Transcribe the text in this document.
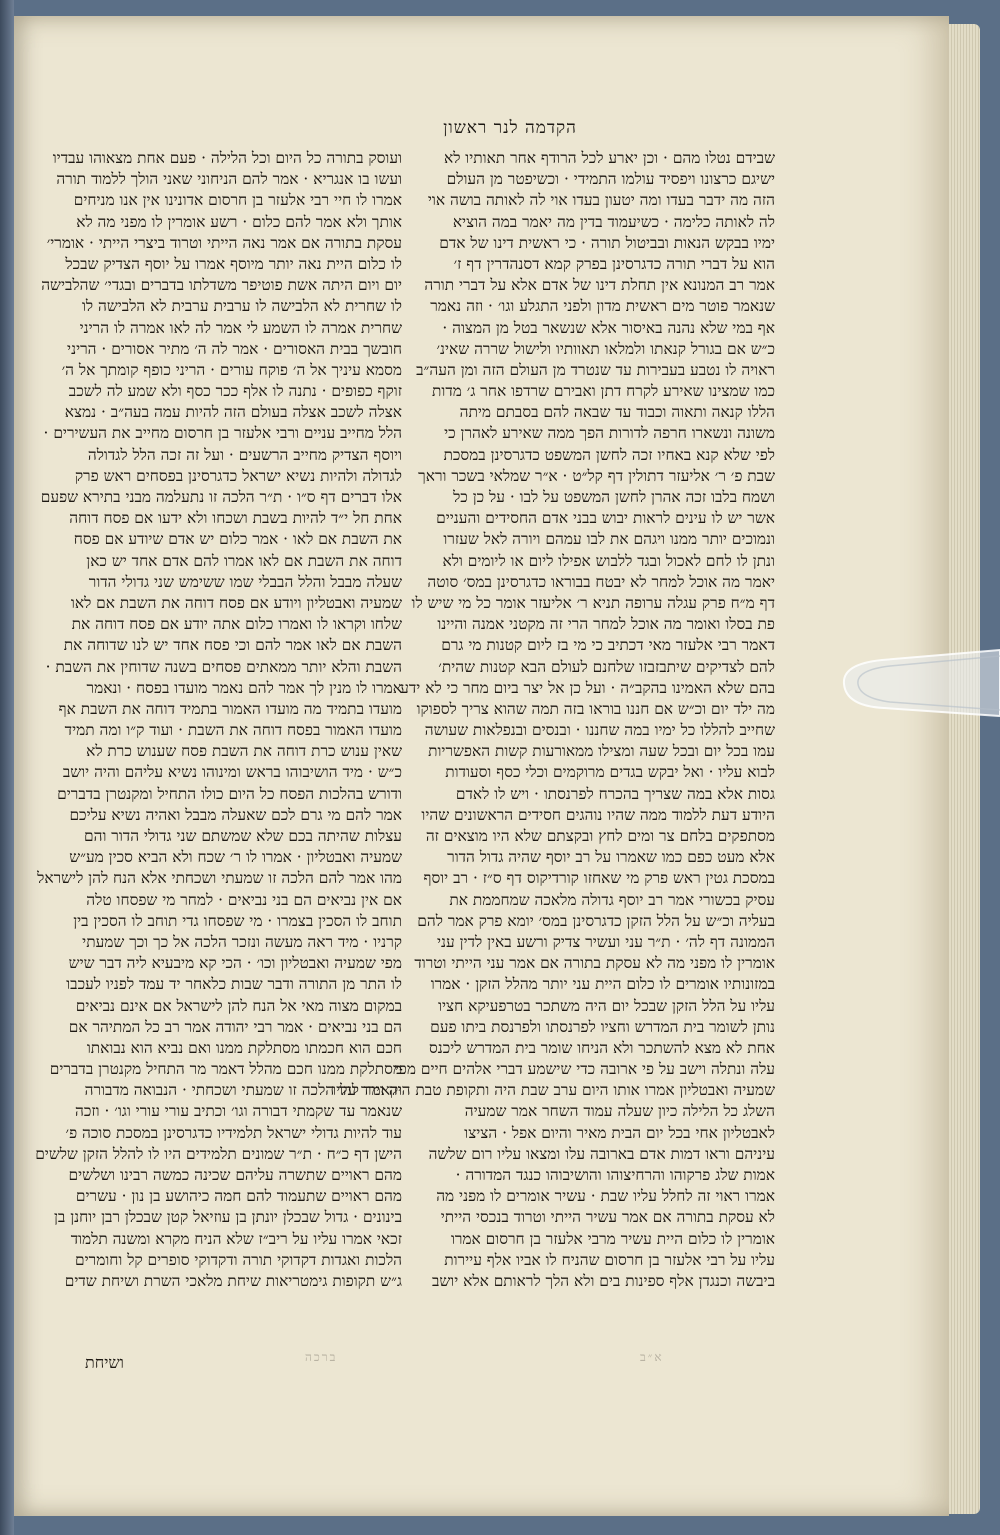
הקדמה לנר ראשון
שבידם נטלו מהם · וכן יארע לכל הרודף אחר תאותיו לא
ישיגם כרצונו ויפסיד עולמו התמידי · וכשיפטר מן העולם
הזה מה ידבר בעדו ומה יטעון בעדו אוי לה לאותה בושה אוי
לה לאותה כלימה · כשיעמוד בדין מה יאמר במה הוציא
ימיו בבקש הנאות ובביטול תורה · כי ראשית דינו של אדם
הוא על דברי תורה כדגרסינן בפרק קמא דסנהדרין דף ז׳
אמר רב המנונא אין תחלת דינו של אדם אלא על דברי תורה
שנאמר פוטר מים ראשית מדון ולפני התגלע וגו׳ · וזה נאמר
אף במי שלא נהנה באיסור אלא שנשאר בטל מן המצוה ·
כ״ש אם בגורל קנאתו ולמלאו תאוותיו ולישול שררה שאינ׳
ראויה לו נטבע בעבירות עד שנטרד מן העולם הזה ומן העה״ב
כמו שמצינו שאירע לקרח דתן ואבירם שרדפו אחר ג׳ מדות
הללו קנאה ותאוה וכבוד עד שבאה להם בסבתם מיתה
משונה ונשארו חרפה לדורות הפך ממה שאירע לאהרן כי
לפי שלא קנא באחיו זכה לחשן המשפט כדגרסינן במסכת
שבת פ׳ ר׳ אליעזר דתולין דף קל״ט · א״ר שמלאי בשכר וראך
ושמח בלבו זכה אהרן לחשן המשפט על לבו · על כן כל
אשר יש לו עינים לראות יבוש בבני אדם החסידים והעניים
ונמוכים יותר ממנו ויגהם את לבו עמהם ויורה לאל שעזרו
ונתן לו לחם לאכול ובגד ללבוש אפילו ליום או ליומים ולא
יאמר מה אוכל למחר לא יבטח בבוראו כדגרסינן במס׳ סוטה
דף מ״ח פרק עגלה ערופה תניא ר׳ אליעזר אומר כל מי שיש לו
פת בסלו ואומר מה אוכל למחר הרי זה מקטני אמנה והיינו
דאמר רבי אלעזר מאי דכתיב כי מי בז ליום קטנות מי גרם
להם לצדיקים שיתבזבזו שלחנם לעולם הבא קטנות שהית׳
בהם שלא האמינו בהקב״ה · ועל כן אל יצר ביום מחר כי לא ידע
מה ילד יום וכ״ש אם חננו בוראו בזה תמה שהוא צריך לספוקו
שחייב להללו כל ימיו במה שחננו · ובנסים ובנפלאות שעושה
עמו בכל יום ובכל שעה ומצילו ממאורעות קשות האפשריות
לבוא עליו · ואל יבקש בגדים מרוקמים וכלי כסף וסעודות
גסות אלא במה שצריך בהכרח לפרנסתו · ויש לו לאדם
היודע דעת ללמוד ממה שהיו נוהגים חסידים הראשונים שהיו
מסתפקים בלחם צר ומים לחץ ובקצתם שלא היו מוצאים זה
אלא מעט כפם כמו שאמרו על רב יוסף שהיה גדול הדור
במסכת גטין ראש פרק מי שאחזו קורדיקוס דף ס״ז · רב יוסף
עסיק בכשורי אמר רב יוסף גדולה מלאכה שמחממת את
בעליה וכ״ש על הלל הזקן כדגרסינן במס׳ יומא פרק אמר להם
הממונה דף לה׳ · ת״ר עני ועשיר צדיק ורשע באין לדין עני
אומרין לו מפני מה לא עסקת בתורה אם אמר עני הייתי וטרוד
במזונותיו אומרים לו כלום היית עני יותר מהלל הזקן · אמרו
עליו על הלל הזקן שבכל יום היה משתכר בטרפעיקא חציו
נותן לשומר בית המדרש וחציו לפרנסתו ולפרנסת ביתו פעם
אחת לא מצא להשתכר ולא הניחו שומר בית המדרש ליכנס
עלה ונתלה וישב על פי ארובה כדי שישמע דברי אלהים חיים מפי
שמעיה ואבטליון אמרו אותו היום ערב שבת היה ותקופת טבת היה וירד עליו
השלג כל הלילה כיון שעלה עמוד השחר אמר שמעיה
לאבטליון אחי בכל יום הבית מאיר והיום אפל · הציצו
עיניהם וראו דמות אדם בארובה עלו ומצאו עליו רום שלשה
אמות שלג פרקוהו והרחיצוהו והושיבוהו כנגד המדורה ·
אמרו ראוי זה לחלל עליו שבת · עשיר אומרים לו מפני מה
לא עסקת בתורה אם אמר עשיר הייתי וטרוד בנכסי הייתי
אומרין לו כלום היית עשיר מרבי אלעזר בן חרסום אמרו
עליו על רבי אלעזר בן חרסום שהניח לו אביו אלף עיירות
ביבשה וכנגדן אלף ספינות בים ולא הלך לראותם אלא יושב
ועוסק בתורה כל היום וכל הלילה · פעם אחת מצאוהו עבדיו
ועשו בו אנגריא · אמר להם הניחוני שאני הולך ללמוד תורה
אמרו לו חיי רבי אלעזר בן חרסום אדונינו אין אנו מניחים
אותך ולא אמר להם כלום · רשע אומרין לו מפני מה לא
עסקת בתורה אם אמר נאה הייתי וטרוד ביצרי הייתי · אומרי׳
לו כלום היית נאה יותר מיוסף אמרו על יוסף הצדיק שבכל
יום ויום היתה אשת פוטיפר משדלתו בדברים ובגדי׳ שהלבישה
לו שחרית לא הלבישה לו ערבית ערבית לא הלבישה לו
שחרית אמרה לו השמע לי אמר לה לאו אמרה לו הריני
חובשך בבית האסורים · אמר לה ה׳ מתיר אסורים · הריני
מסמא עיניך אל ה׳ פוקח עורים · הריני כופף קומתך אל ה׳
זוקף כפופים · נתנה לו אלף ככר כסף ולא שמע לה לשכב
אצלה לשכב אצלה בעולם הזה להיות עמה בעה״ב · נמצא
הלל מחייב עניים ורבי אלעזר בן חרסום מחייב את העשירים ·
ויוסף הצדיק מחייב הרשעים · ועל זה זכה הלל לגדולה
לגדולה ולהיות נשיא ישראל כדגרסינן בפסחים ראש פרק
אלו דברים דף ס״ו · ת״ר הלכה זו נתעלמה מבני בתירא שפעם
אחת חל י״ד להיות בשבת ושכחו ולא ידעו אם פסח דוחה
את השבת אם לאו · אמר כלום יש אדם שיודע אם פסח
דוחה את השבת אם לאו אמרו להם אדם אחד יש כאן
שעלה מבבל והלל הבבלי שמו ששימש שני גדולי הדור
שמעיה ואבטליון ויודע אם פסח דוחה את השבת אם לאו
שלחו וקראו לו ואמרו כלום אתה יודע אם פסח דוחה את
השבת אם לאו אמר להם וכי פסח אחד יש לנו שדוחה את
השבת והלא יותר ממאתים פסחים בשנה שדוחין את השבת ·
אמרו לו מנין לך אמר להם נאמר מועדו בפסח · ונאמר
מועדו בתמיד מה מועדו האמור בתמיד דוחה את השבת אף
מועדו האמור בפסח דוחה את השבת · ועוד ק״ו ומה תמיד
שאין ענוש כרת דוחה את השבת פסח שענוש כרת לא
כ״ש · מיד הושיבוהו בראש ומינוהו נשיא עליהם והיה יושב
ודורש בהלכות הפסח כל היום כולו התחיל ומקנטרן בדברים
אמר להם מי גרם לכם שאעלה מבבל ואהיה נשיא עליכם
עצלות שהיתה בכם שלא שמשתם שני גדולי הדור והם
שמעיה ואבטליון · אמרו לו ר׳ שכח ולא הביא סכין מע״ש
מהו אמר להם הלכה זו שמעתי ושכחתי אלא הנח להן לישראל
אם אין נביאים הם בני נביאים · למחר מי שפסחו טלה
תוחב לו הסכין בצמרו · מי שפסחו גדי תוחב לו הסכין בין
קרניו · מיד ראה מעשה ונזכר הלכה אל כך וכך שמעתי
מפי שמעיה ואבטליון וכו׳ · הכי קא מיבעיא ליה דבר שיש
לו התר מן התורה ודבר שבות כלאחר יד עמד לפניו לעכבו
במקום מצוה מאי אל הנח להן לישראל אם אינם נביאים
הם בני נביאים · אמר רבי יהודה אמר רב כל המתיהר אם
חכם הוא חכמתו מסתלקת ממנו ואם נביא הוא נבואתו
מסתלקת ממנו חכם מהלל דאמר מר התחיל מקנטרן בדברים
וקאמר להו הלכה זו שמעתי ושכחתי · הנבואה מדבורה
שנאמר עד שקמתי דבורה וגו׳ וכתיב עורי עורי וגו׳ · וזכה
עוד להיות גדולי ישראל תלמידיו כדגרסינן במסכת סוכה פ׳
הישן דף כ״ח · ת״ר שמונים תלמידים היו לו להלל הזקן שלשים
מהם ראויים שתשרה עליהם שכינה כמשה רבינו ושלשים
מהם ראויים שתעמוד להם חמה כיהושע בן נון · עשרים
בינונים · גדול שבכלן יונתן בן עוזיאל קטן שבכלן רבן יוחנן בן
זכאי אמרו עליו על ריב״ז שלא הניח מקרא ומשנה תלמוד
הלכות ואגדות דקדוקי תורה ודקדוקי סופרים קל וחומרים
ג״ש תקופות גימטריאות שיחת מלאכי השרת ושיחת שדים
ושיחת	ברכה	א״ב
